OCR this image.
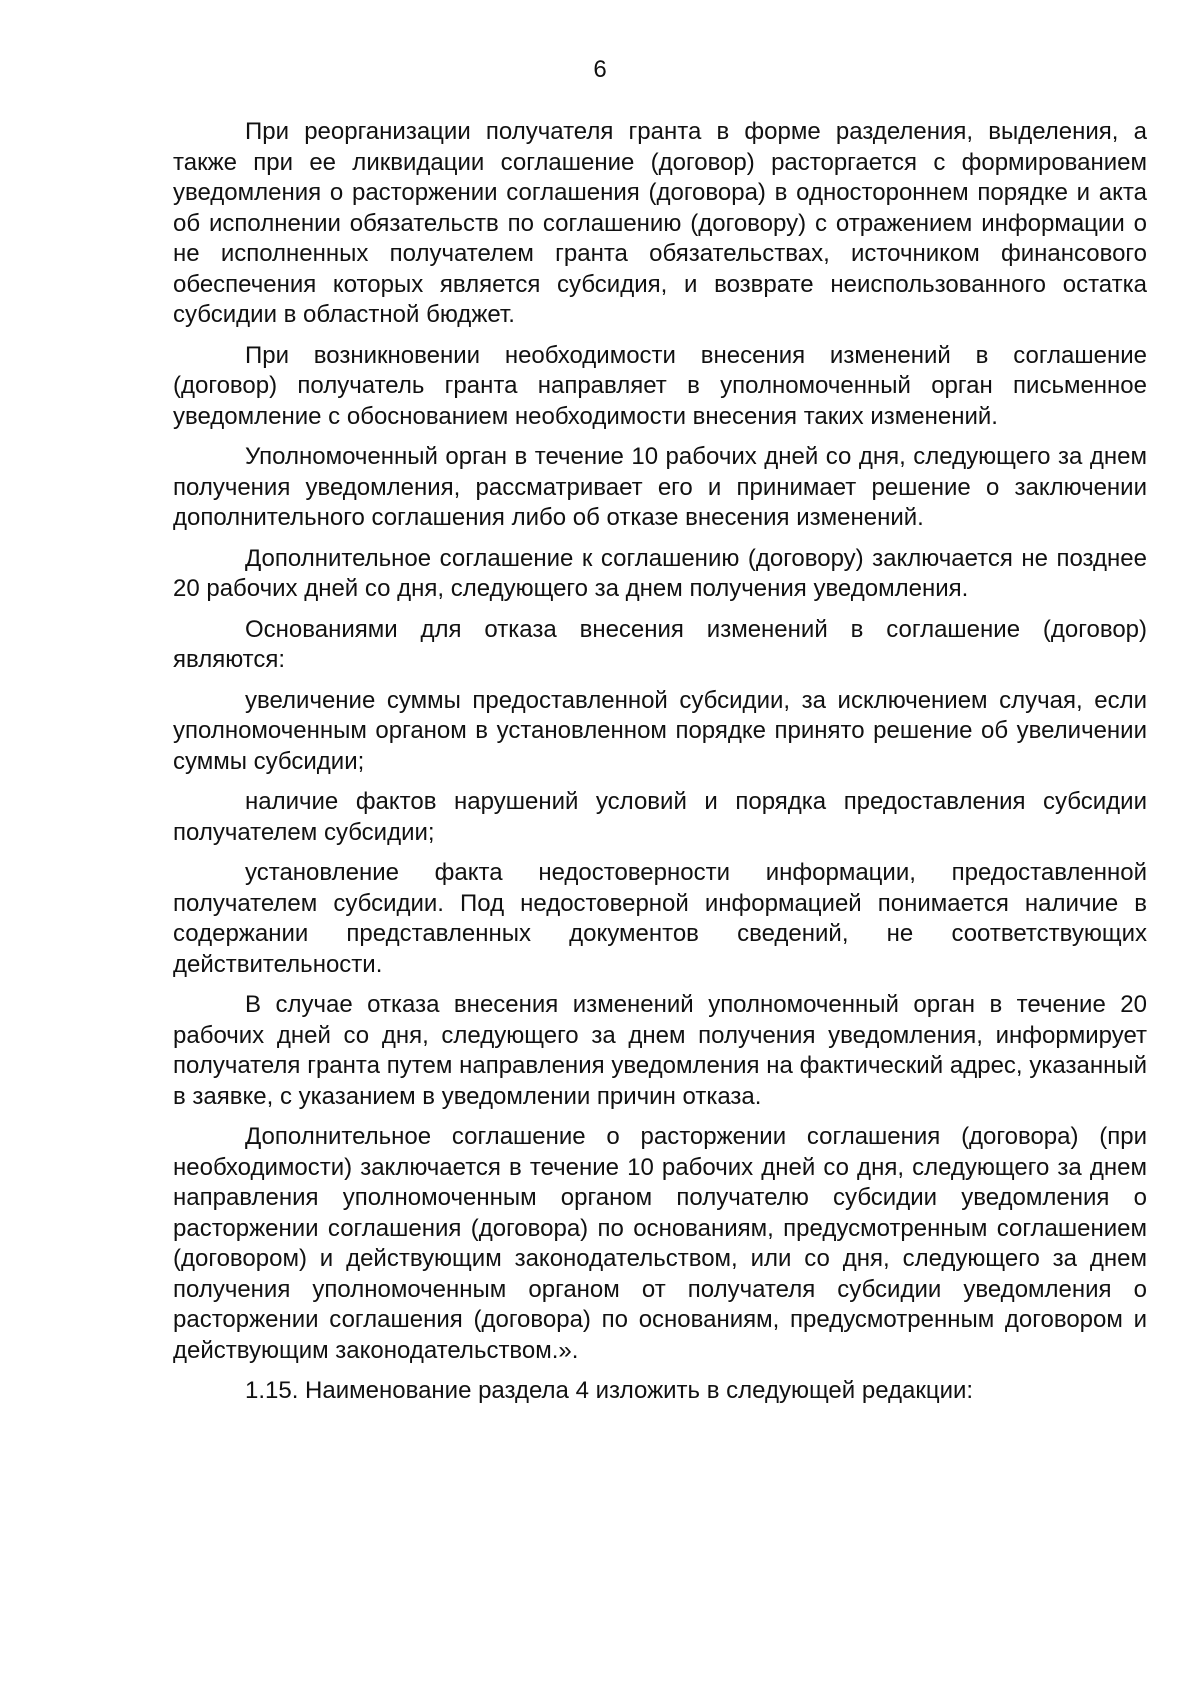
6

При реорганизации получателя гранта в форме разделения, выделения, а также при ее ликвидации соглашение (договор) расторгается с формированием уведомления о расторжении соглашения (договора) в одностороннем порядке и акта об исполнении обязательств по соглашению (договору) с отражением информации о не исполненных получателем гранта обязательствах, источником финансового обеспечения которых является субсидия, и возврате неиспользованного остатка субсидии в областной бюджет.

При возникновении необходимости внесения изменений в соглашение (договор) получатель гранта направляет в уполномоченный орган письменное уведомление с обоснованием необходимости внесения таких изменений.

Уполномоченный орган в течение 10 рабочих дней со дня, следующего за днем получения уведомления, рассматривает его и принимает решение о заключении дополнительного соглашения либо об отказе внесения изменений.

Дополнительное соглашение к соглашению (договору) заключается не позднее 20 рабочих дней со дня, следующего за днем получения уведомления.

Основаниями для отказа внесения изменений в соглашение (договор) являются:

увеличение суммы предоставленной субсидии, за исключением случая, если уполномоченным органом в установленном порядке принято решение об увеличении суммы субсидии;

наличие фактов нарушений условий и порядка предоставления субсидии получателем субсидии;

установление факта недостоверности информации, предоставленной получателем субсидии. Под недостоверной информацией понимается наличие в содержании представленных документов сведений, не соответствующих действительности.

В случае отказа внесения изменений уполномоченный орган в течение 20 рабочих дней со дня, следующего за днем получения уведомления, информирует получателя гранта путем направления уведомления на фактический адрес, указанный в заявке, с указанием в уведомлении причин отказа.

Дополнительное соглашение о расторжении соглашения (договора) (при необходимости) заключается в течение 10 рабочих дней со дня, следующего за днем направления уполномоченным органом получателю субсидии уведомления о расторжении соглашения (договора) по основаниям, предусмотренным соглашением (договором) и действующим законодательством, или со дня, следующего за днем получения уполномоченным органом от получателя субсидии уведомления о расторжении соглашения (договора) по основаниям, предусмотренным договором и действующим законодательством.».

1.15. Наименование раздела 4 изложить в следующей редакции:
